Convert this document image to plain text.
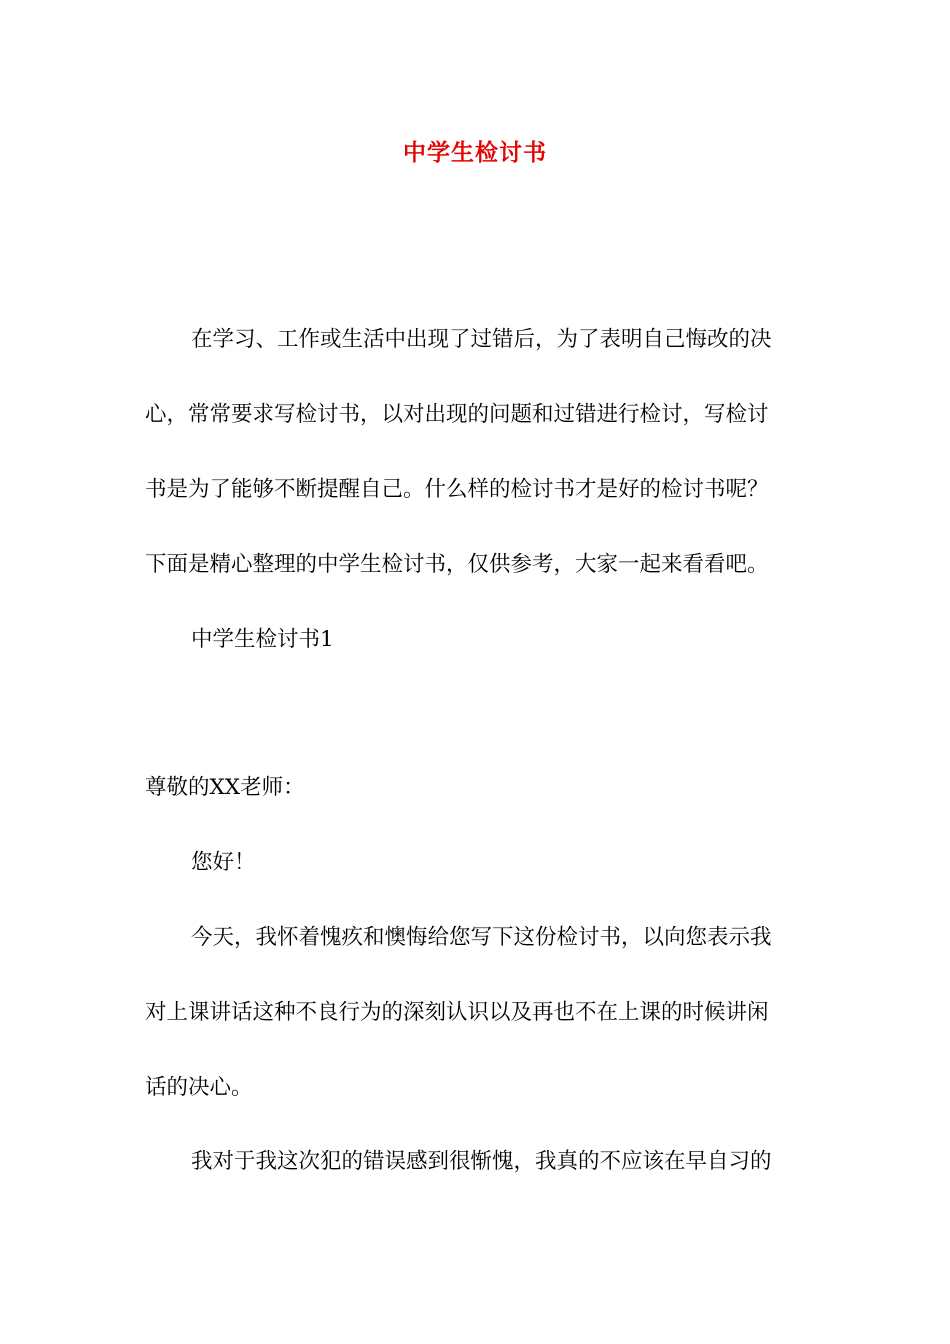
中学生检讨书

在学习、工作或生活中出现了过错后，为了表明自己悔改的决

心，常常要求写检讨书，以对出现的问题和过错进行检讨，写检讨

书是为了能够不断提醒自己。什么样的检讨书才是好的检讨书呢？

下面是精心整理的中学生检讨书，仅供参考，大家一起来看看吧。

中学生检讨书1

尊敬的XX老师：

您好！

今天，我怀着愧疚和懊悔给您写下这份检讨书，以向您表示我

对上课讲话这种不良行为的深刻认识以及再也不在上课的时候讲闲

话的决心。

我对于我这次犯的错误感到很惭愧，我真的不应该在早自习的
